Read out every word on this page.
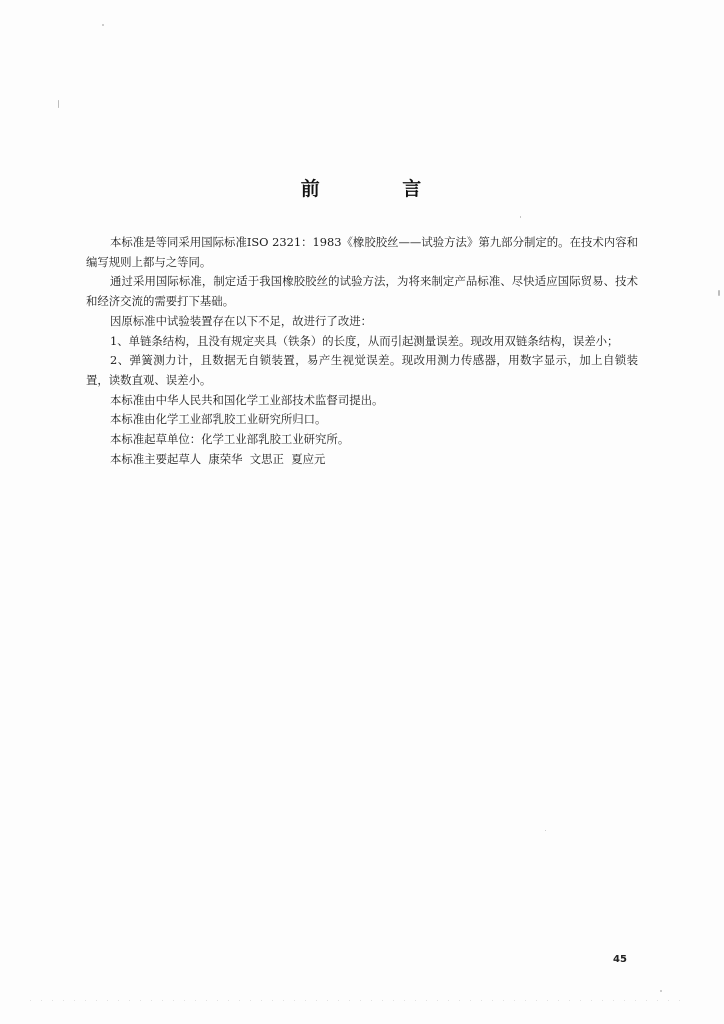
前 言

本标准是等同采用国际标准ISO 2321：1983《橡胶胶丝——试验方法》第九部分制定的。在技术内容和编写规则上都与之等同。

通过采用国际标准，制定适于我国橡胶胶丝的试验方法，为将来制定产品标准、尽快适应国际贸易、技术和经济交流的需要打下基础。

因原标准中试验装置存在以下不足，故进行了改进：

1、单链条结构，且没有规定夹具（铁条）的长度，从而引起测量误差。现改用双链条结构，误差小；

2、弹簧测力计，且数据无自锁装置，易产生视觉误差。现改用测力传感器，用数字显示，加上自锁装置，读数直观、误差小。

本标准由中华人民共和国化学工业部技术监督司提出。

本标准由化学工业部乳胶工业研究所归口。

本标准起草单位：化学工业部乳胶工业研究所。

本标准主要起草人  康荣华  文思正  夏应元

45
